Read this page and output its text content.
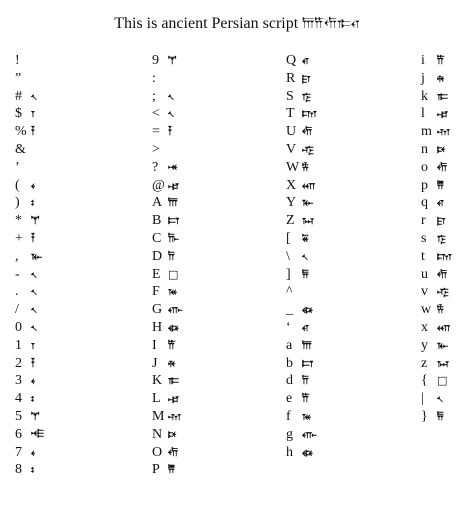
This is ancient Persian script 𐎠𐎡𐎢𐎣𐎤
!
”
# 𐏐
$ 𐏑
% 𐏒
&
’
( 𐏓
) 𐏔
* 𐏕
+ 𐏒
, 𐎹
- 𐏐
. 𐏐
/ 𐏐
0 𐏐
1 𐏑
2 𐏒
3 𐏓
4 𐏔
5 𐏕
6 𐎪
7 𐏓
8 𐏔
9 𐏕
:
; 𐏐
< 𐏐
= 𐏒
>
? 𐎽
@ 𐎾
A 𐎠
B 𐎲
C 𐎨
D 𐎭
E □
F 𐎳
G 𐎥
H 𐏃
I 𐎡
J 𐎩
K 𐎣
L 𐎾
M 𐎶
N 𐎴
O 𐎢
P 𐎱
Q 𐎤
R 𐎼
S 𐎿
T 𐎫
U 𐎢
V 𐎺
W 𐎻
X 𐎧
Y 𐎹
Z 𐏀
[ 𐏁
\ 𐏐
] 𐏂
^
_ 𐏃
‘ 𐎤
a 𐎠
b 𐎲
d 𐎭
e 𐎡
f 𐎳
g 𐎥
h 𐏃
i 𐎡
j 𐎩
k 𐎣
l 𐎾
m 𐎶
n 𐎴
o 𐎢
p 𐎱
q 𐎤
r 𐎼
s 𐎿
t 𐎫
u 𐎢
v 𐎺
w 𐎻
x 𐎧
y 𐎹
z 𐏀
{ □
| 𐏐
} 𐏂
